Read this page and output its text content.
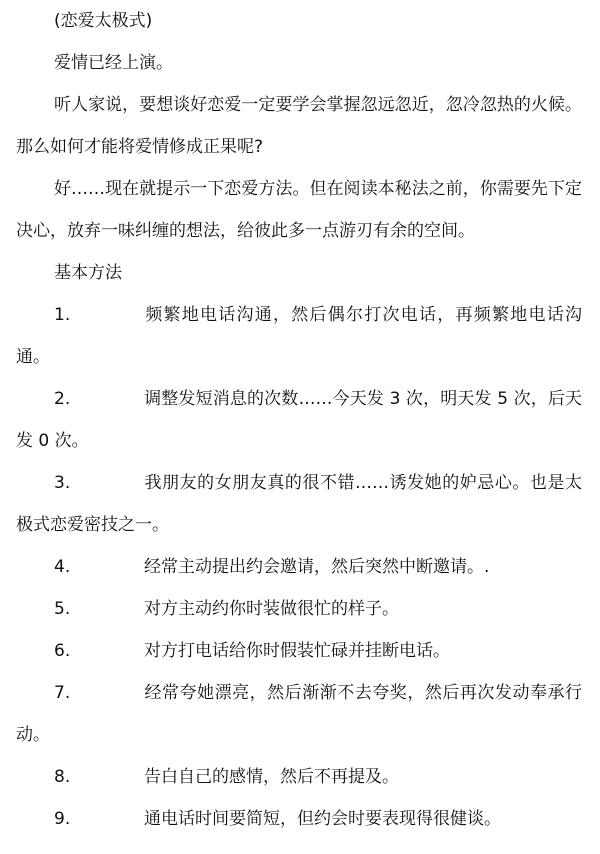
(恋爱太极式)

爱情已经上演。

听人家说，要想谈好恋爱一定要学会掌握忽远忽近，忽冷忽热的火候。那么如何才能将爱情修成正果呢?

好……现在就提示一下恋爱方法。但在阅读本秘法之前，你需要先下定决心，放弃一味纠缠的想法，给彼此多一点游刃有余的空间。

基本方法

1.	频繁地电话沟通，然后偶尔打次电话，再频繁地电话沟通。

2.	调整发短消息的次数……今天发 3 次，明天发 5 次，后天发 0 次。

3.	我朋友的女朋友真的很不错……诱发她的妒忌心。也是太极式恋爱密技之一。

4.	经常主动提出约会邀请，然后突然中断邀请。.

5.	对方主动约你时装做很忙的样子。

6.	对方打电话给你时假装忙碌并挂断电话。

7.	经常夸她漂亮，然后渐渐不去夸奖，然后再次发动奉承行动。

8.	告白自己的感情，然后不再提及。

9.	通电话时间要简短，但约会时要表现得很健谈。
